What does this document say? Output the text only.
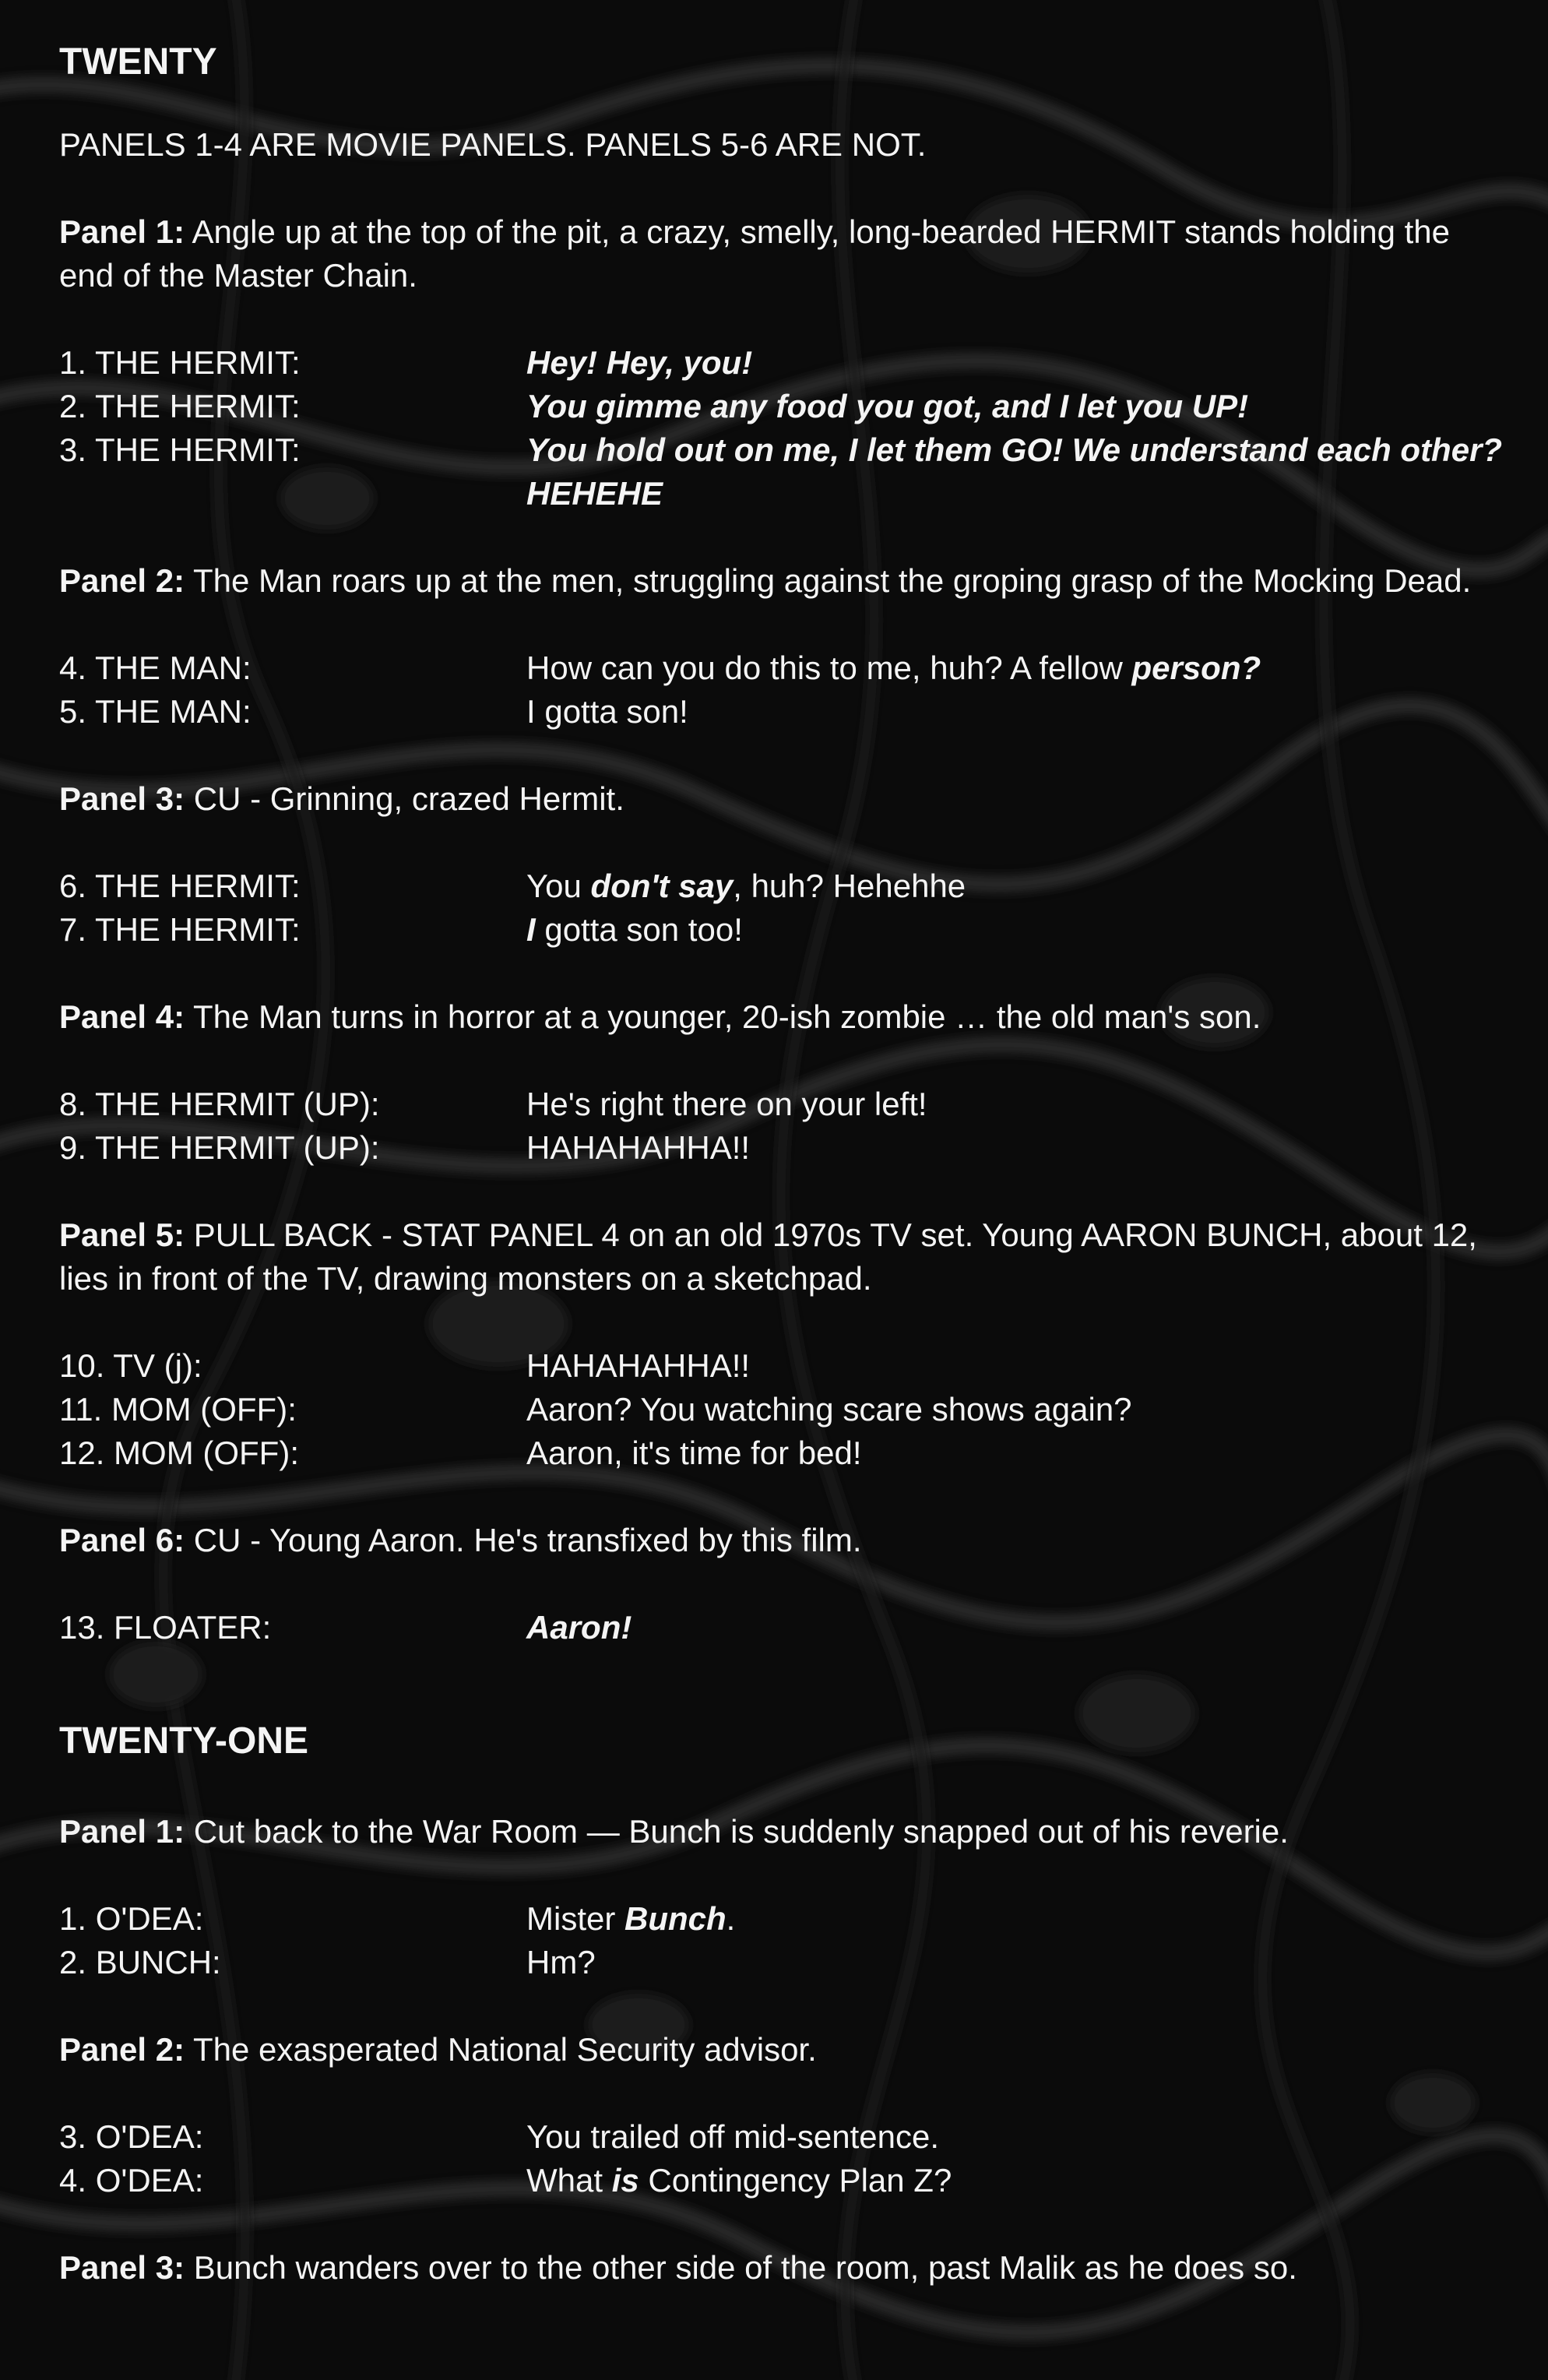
TWENTY
PANELS 1-4 ARE MOVIE PANELS. PANELS 5-6 ARE NOT.
Panel 1: Angle up at the top of the pit, a crazy, smelly, long-bearded HERMIT stands holding the end of the Master Chain.
1. THE HERMIT:	Hey! Hey, you!
2. THE HERMIT:	You gimme any food you got, and I let you UP!
3. THE HERMIT:	You hold out on me, I let them GO! We understand each other? HEHEHE
Panel 2: The Man roars up at the men, struggling against the groping grasp of the Mocking Dead.
4. THE MAN:	How can you do this to me, huh? A fellow person?
5. THE MAN:	I gotta son!
Panel 3: CU - Grinning, crazed Hermit.
6. THE HERMIT:	You don't say, huh? Hehehhe
7. THE HERMIT:	I gotta son too!
Panel 4: The Man turns in horror at a younger, 20-ish zombie … the old man's son.
8. THE HERMIT (UP):	He's right there on your left!
9. THE HERMIT (UP):	HAHAHAHHA!!
Panel 5: PULL BACK - STAT PANEL 4 on an old 1970s TV set. Young AARON BUNCH, about 12, lies in front of the TV, drawing monsters on a sketchpad.
10. TV (j):	HAHAHAHHA!!
11. MOM (OFF):	Aaron? You watching scare shows again?
12. MOM (OFF):	Aaron, it's time for bed!
Panel 6: CU - Young Aaron. He's transfixed by this film.
13. FLOATER:	Aaron!
TWENTY-ONE
Panel 1: Cut back to the War Room — Bunch is suddenly snapped out of his reverie.
1. O'DEA:	Mister Bunch.
2. BUNCH:	Hm?
Panel 2: The exasperated National Security advisor.
3. O'DEA:	You trailed off mid-sentence.
4. O'DEA:	What is Contingency Plan Z?
Panel 3: Bunch wanders over to the other side of the room, past Malik as he does so.
